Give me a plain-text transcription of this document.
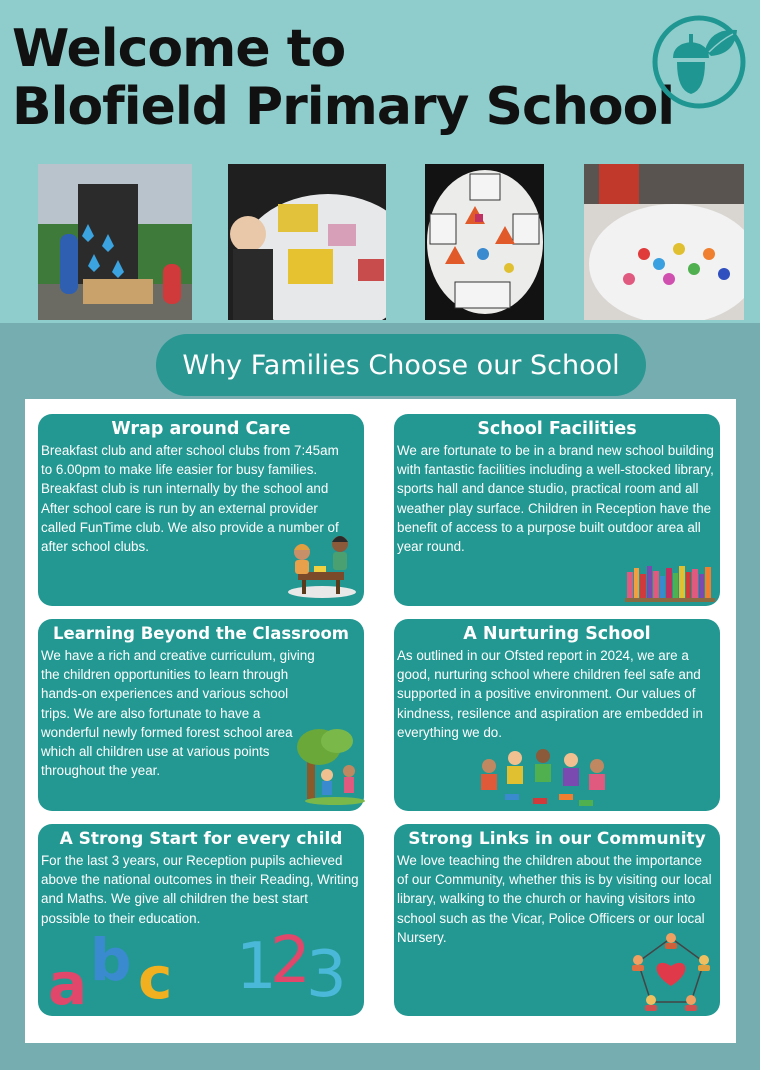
Welcome to
Blofield Primary School
Why Families Choose our School
Wrap around Care

Breakfast club and after school clubs from 7:45am to 6.00pm to make life easier for busy families. Breakfast club is run internally by the school and After school care is run by an external provider called FunTime club. We also provide a number of after school clubs.

School Facilities

We are fortunate to be in a brand new school building with fantastic facilities including a well-stocked library, sports hall and dance studio, practical room and all weather play surface. Children in Reception have the benefit of access to a purpose built outdoor area all year round.

Learning Beyond the Classroom

We have a rich and creative curriculum, giving the children opportunities to learn through hands-on experiences and various school trips. We are also fortunate to have a wonderful newly formed forest school area which all children use at various points throughout the year.

A Nurturing School

As outlined in our Ofsted report in 2024, we are a good, nurturing school where children feel safe and supported in a positive environment. Our values of kindness, resilence and aspiration are embedded in everything we do.

A Strong Start for every child

For the last 3 years, our Reception pupils achieved above the national outcomes in their Reading, Writing and Maths. We give all children the best start possible to their education.

a b c 1
2
3
Strong Links in our Community

We love teaching the children about the importance of our Community, whether this is by visiting our local library, walking to the church or having visitors into school such as the Vicar, Police Officers or our local Nursery.
